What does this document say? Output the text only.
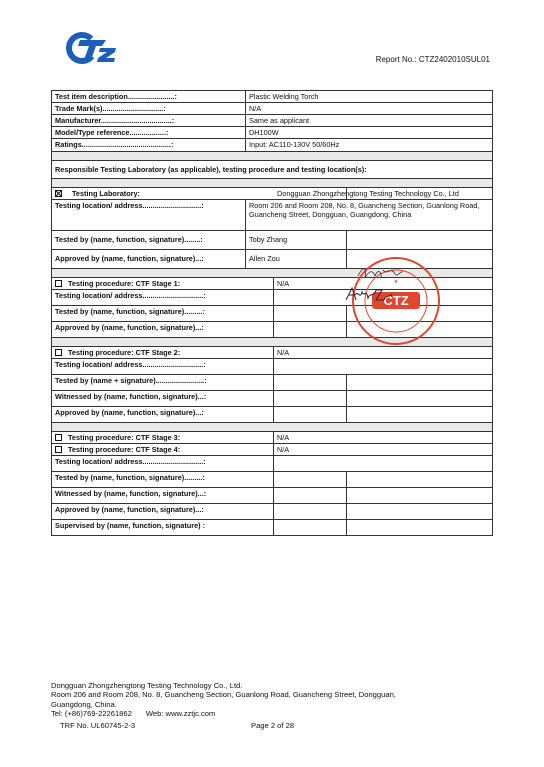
Report No.: CTZ2402010SUL01
Test item description.......................:	Plastic Welding Torch
Trade Mark(s)..............................:	N/A
Manufacturer...................................:	Same as applicant
Model/Type reference..................:	DH100W
Ratings............................................:	Input: AC110-130V 50/60Hz

Responsible Testing Laboratory (as applicable), testing procedure and testing location(s):

Testing Laboratory:	Dongguan Zhongzhengtong Testing Technology Co., Ltd
Testing location/ address.............................:	Room 206 and Room 208, No. 8, Guancheng Section, Guanlong Road, Guancheng Street, Dongguan, Guangdong, China
Tested by (name, function, signature)........:	Toby Zhang	
Approved by (name, function, signature)...:	Allen Zou	

Testing procedure: CTF Stage 1:	N/A
Testing location/ address..............................:	
Tested by (name, function, signature).........:		
Approved by (name, function, signature)...:		

Testing procedure: CTF Stage 2:	N/A
Testing location/ address..............................:	
Tested by (name + signature)........................:		
Witnessed by (name, function, signature)...:		
Approved by (name, function, signature)...:		

Testing procedure: CTF Stage 3:	N/A
Testing procedure: CTF Stage 4:	N/A
Testing location/ address..............................:	
Tested by (name, function, signature).........:		
Witnessed by (name, function, signature)...:		
Approved by (name, function, signature)...:		
Supervised by (name, function, signature) :		
Dongguan Zhongzhengtong Testing Technology Co., Ltd.
Room 206 and Room 208, No. 8, Guancheng Section, Guanlong Road, Guancheng Street, Dongguan,
Guangdong, China.
Tel: (+86)769-22261862 Web: www.zztjc.com
TRF No. UL60745-2-3	Page 2 of 28
CTZ
★
